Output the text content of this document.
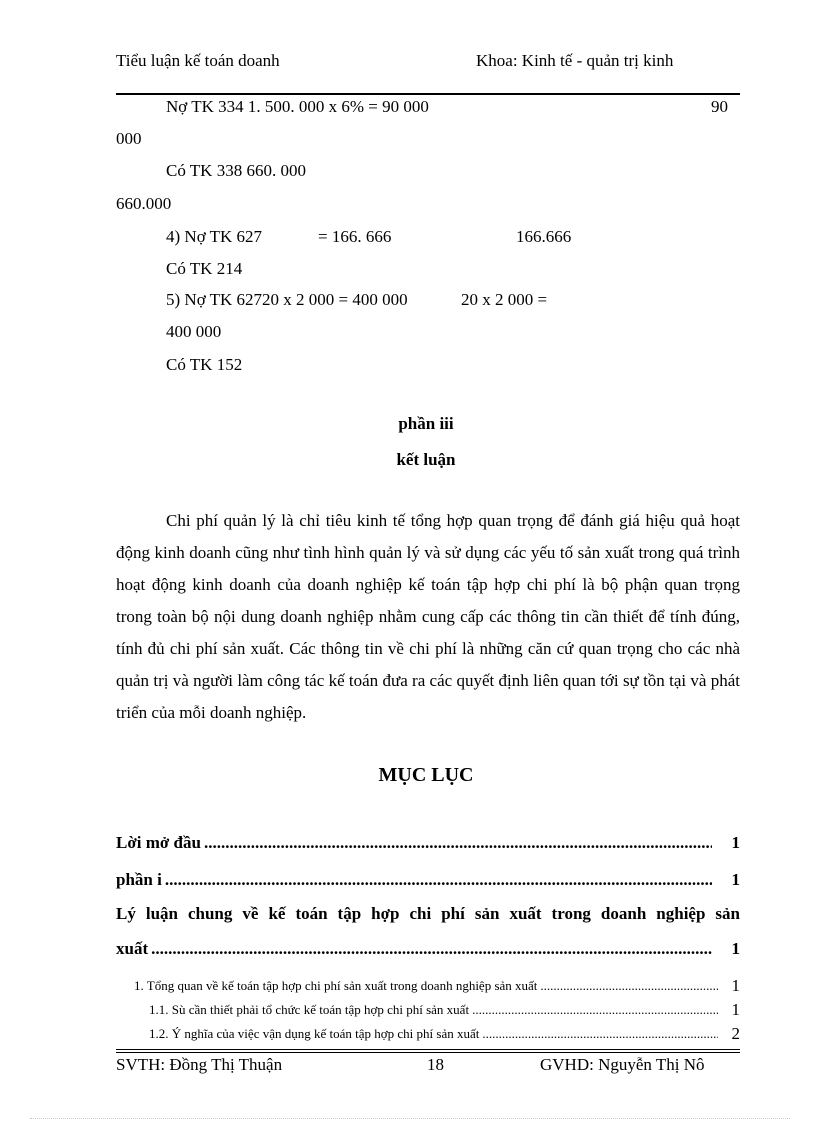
Tiểu luận kế toán doanh	Khoa: Kinh tế - quản trị kinh
Nợ TK 334 1. 500. 000 x 6% = 90 000	90
000
Có TK 338 660. 000
660.000
4) Nợ TK 627	= 166. 666	166.666
Có TK 214
5) Nợ TK 62720 x 2 000 = 400 000	20 x 2 000 =
400 000
Có TK 152
phần iii
kết luận
Chi phí quản lý là chỉ tiêu kinh tế tổng hợp quan trọng để đánh giá hiệu quả hoạt động kinh doanh cũng như tình hình quản lý và sử dụng các yếu tố sản xuất trong quá trình hoạt động kinh doanh của doanh nghiệp kế toán tập hợp chi phí là bộ phận quan trọng trong toàn bộ nội dung doanh nghiệp nhằm cung cấp các thông tin cần thiết để tính đúng, tính đủ chi phí sản xuất. Các thông tin về chi phí là những căn cứ quan trọng cho các nhà quản trị và người làm công tác kế toán đưa ra các quyết định liên quan tới sự tồn tại và phát triển của mỗi doanh nghiệp.
MỤC LỤC
Lời mở đầu .....	1
phần i .....	1
Lý luận chung về kế toán tập hợp chi phí sản xuất trong doanh nghiệp sản
xuất .....	1
1. Tổng quan về kế toán tập hợp chi phí sản xuất trong doanh nghiệp sản xuất .....	1
1.1. Sù cần thiết phải tổ chức kế toán tập hợp chi phí sản xuất .....	1
1.2. Ý nghĩa của việc vận dụng kế toán tập hợp chi phí sản xuất .....	2
SVTH: Đồng Thị Thuận	18	GVHD: Nguyễn Thị Nô
